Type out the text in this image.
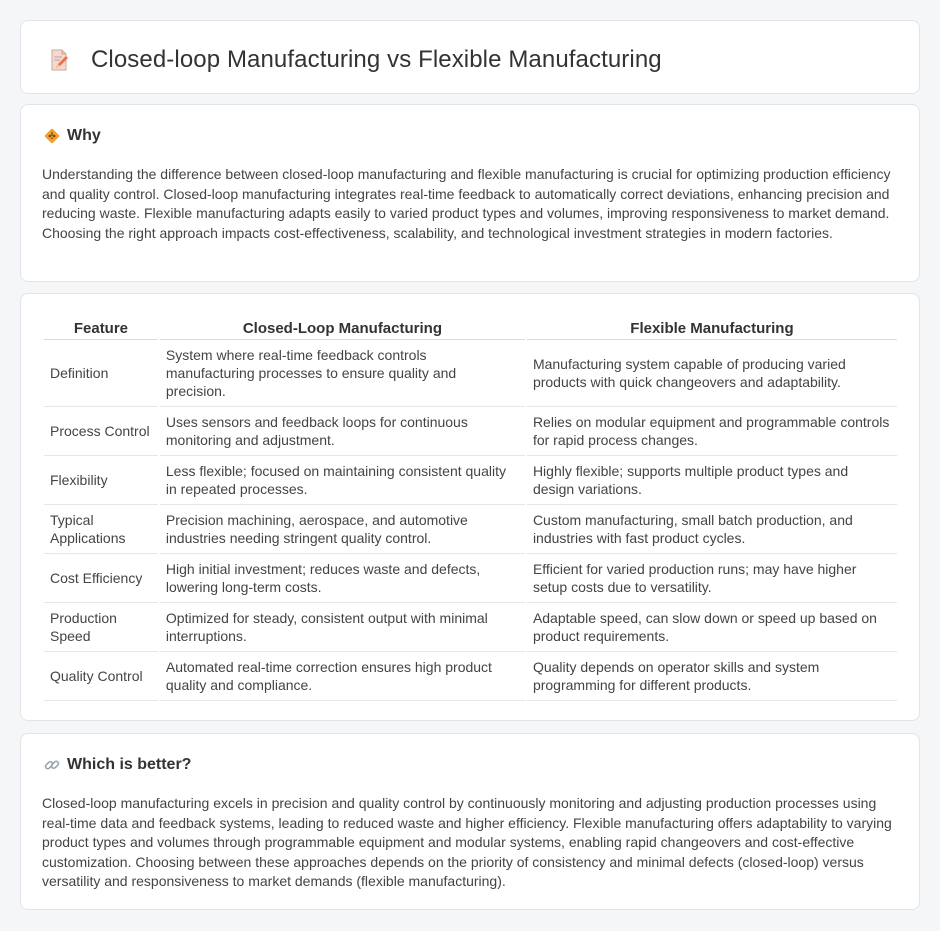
Closed-loop Manufacturing vs Flexible Manufacturing
Why

Understanding the difference between closed-loop manufacturing and flexible manufacturing is crucial for optimizing production efficiency and quality control. Closed-loop manufacturing integrates real-time feedback to automatically correct deviations, enhancing precision and reducing waste. Flexible manufacturing adapts easily to varied product types and volumes, improving responsiveness to market demand. Choosing the right approach impacts cost-effectiveness, scalability, and technological investment strategies in modern factories.

Feature	Closed-Loop Manufacturing	Flexible Manufacturing
Definition	System where real-time feedback controls manufacturing processes to ensure quality and precision.	Manufacturing system capable of producing varied products with quick changeovers and adaptability.
Process Control	Uses sensors and feedback loops for continuous monitoring and adjustment.	Relies on modular equipment and programmable controls for rapid process changes.
Flexibility	Less flexible; focused on maintaining consistent quality in repeated processes.	Highly flexible; supports multiple product types and design variations.
Typical Applications	Precision machining, aerospace, and automotive industries needing stringent quality control.	Custom manufacturing, small batch production, and industries with fast product cycles.
Cost Efficiency	High initial investment; reduces waste and defects, lowering long-term costs.	Efficient for varied production runs; may have higher setup costs due to versatility.
Production Speed	Optimized for steady, consistent output with minimal interruptions.	Adaptable speed, can slow down or speed up based on product requirements.
Quality Control	Automated real-time correction ensures high product quality and compliance.	Quality depends on operator skills and system programming for different products.
Which is better?

Closed-loop manufacturing excels in precision and quality control by continuously monitoring and adjusting production processes using real-time data and feedback systems, leading to reduced waste and higher efficiency. Flexible manufacturing offers adaptability to varying product types and volumes through programmable equipment and modular systems, enabling rapid changeovers and cost-effective customization. Choosing between these approaches depends on the priority of consistency and minimal defects (closed-loop) versus versatility and responsiveness to market demands (flexible manufacturing).
